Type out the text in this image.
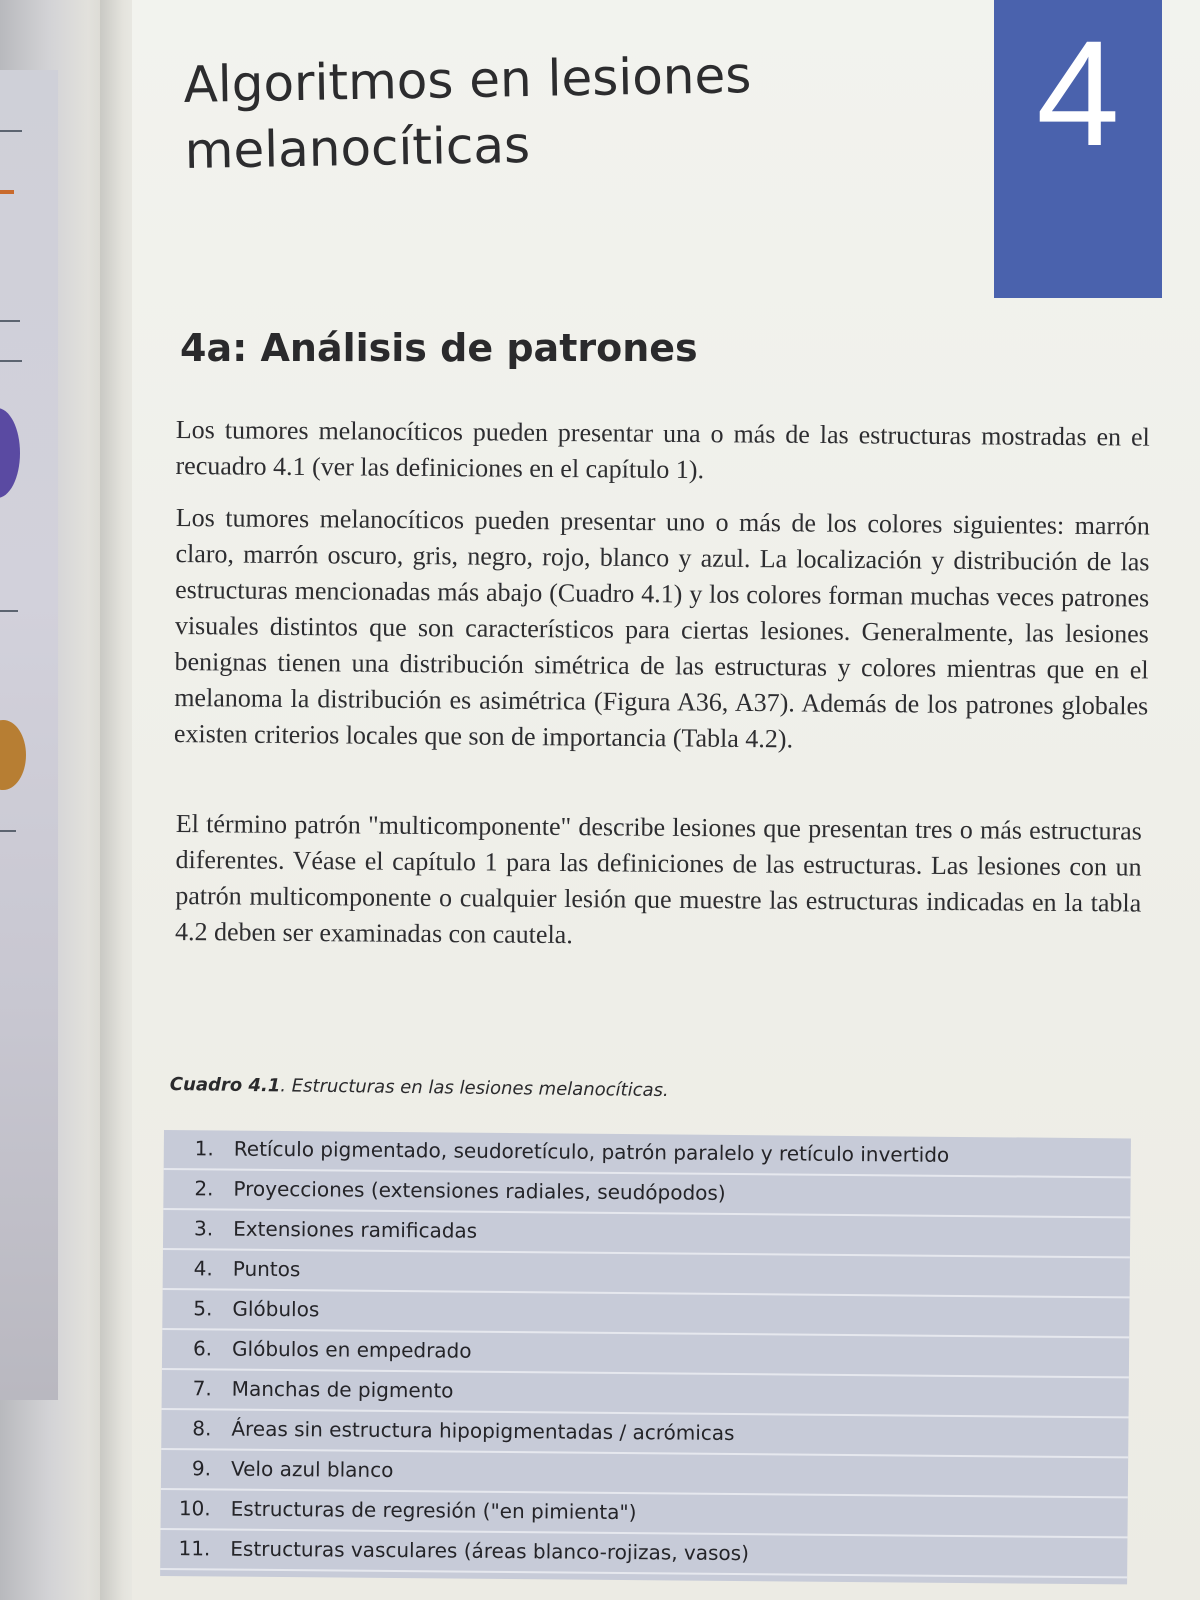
4
Algoritmos en lesiones
melanocíticas
4a: Análisis de patrones

Los tumores melanocíticos pueden presentar una o más de las estructuras mostradas en el recuadro 4.1 (ver las definiciones en el capítulo 1).

Los tumores melanocíticos pueden presentar uno o más de los colores siguientes: marrón claro, marrón oscuro, gris, negro, rojo, blanco y azul. La localización y distribución de las estructuras mencionadas más abajo (Cuadro 4.1) y los colores forman muchas veces patrones visuales distintos que son característicos para ciertas lesiones. Generalmente, las lesiones benignas tienen una distribución simétrica de las estructuras y colores mientras que en el melanoma la distribución es asimétrica (Figura A36, A37). Además de los patrones globales existen criterios locales que son de importancia (Tabla 4.2).

El término patrón "multicomponente" describe lesiones que presentan tres o más estructuras diferentes. Véase el capítulo 1 para las definiciones de las estructuras. Las lesiones con un patrón multicomponente o cualquier lesión que muestre las estructuras indicadas en la tabla 4.2 deben ser examinadas con cautela.

Cuadro 4.1. Estructuras en las lesiones melanocíticas.

1. Retículo pigmentado, seudoretículo, patrón paralelo y retículo invertido
2. Proyecciones (extensiones radiales, seudópodos)
3. Extensiones ramificadas
4. Puntos
5. Glóbulos
6. Glóbulos en empedrado
7. Manchas de pigmento
8. Áreas sin estructura hipopigmentadas / acrómicas
9. Velo azul blanco
10. Estructuras de regresión ("en pimienta")
11. Estructuras vasculares (áreas blanco-rojizas, vasos)
